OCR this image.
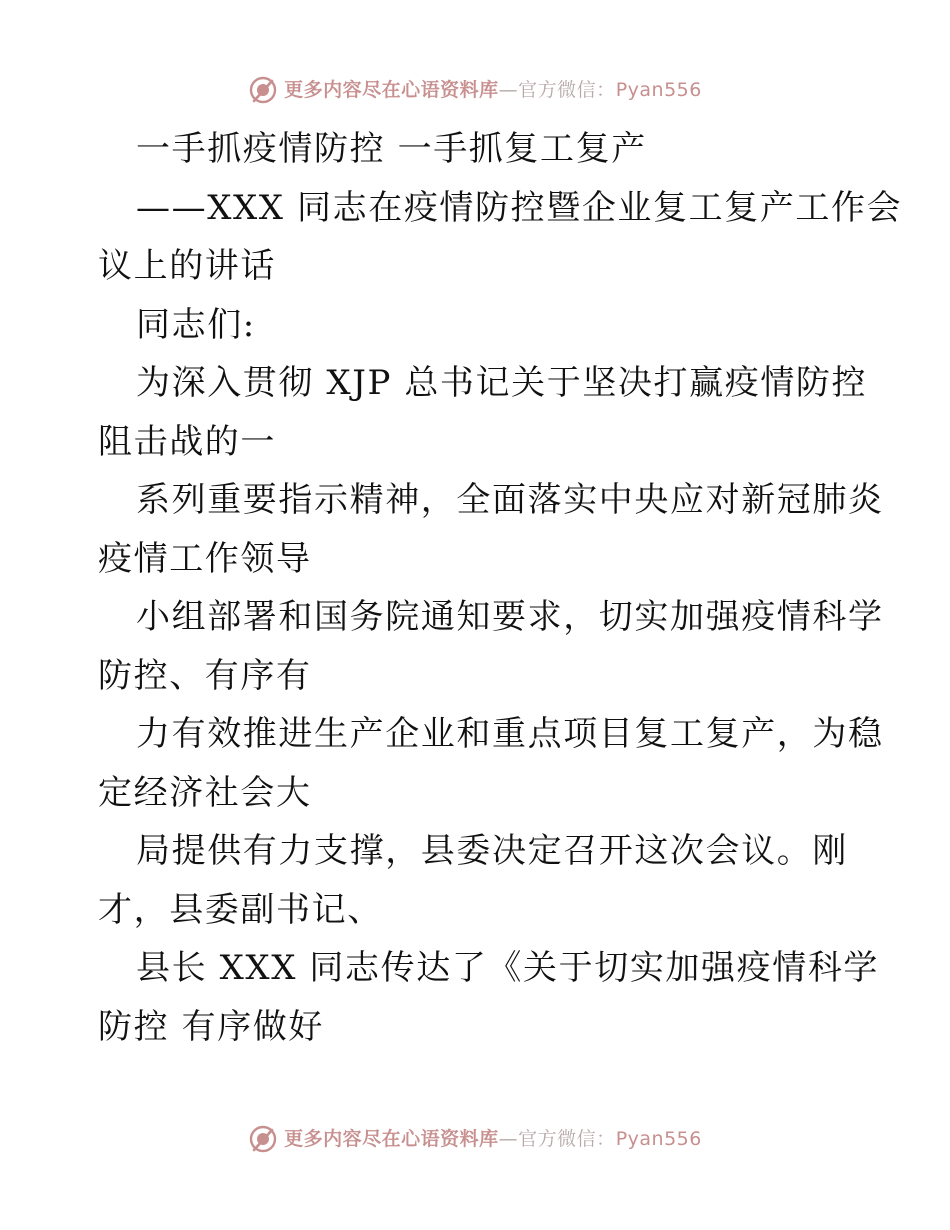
更多内容尽在心语资料库—官方微信：Pyan556
一手抓疫情防控 一手抓复工复产
——XXX 同志在疫情防控暨企业复工复产工作会
议上的讲话
同志们:
为深入贯彻 XJP 总书记关于坚决打赢疫情防控
阻击战的一
系列重要指示精神，全面落实中央应对新冠肺炎
疫情工作领导
小组部署和国务院通知要求，切实加强疫情科学
防控、有序有
力有效推进生产企业和重点项目复工复产，为稳
定经济社会大
局提供有力支撑，县委决定召开这次会议。刚
才，县委副书记、
县长 XXX 同志传达了《关于切实加强疫情科学
防控 有序做好
更多内容尽在心语资料库—官方微信：Pyan556
